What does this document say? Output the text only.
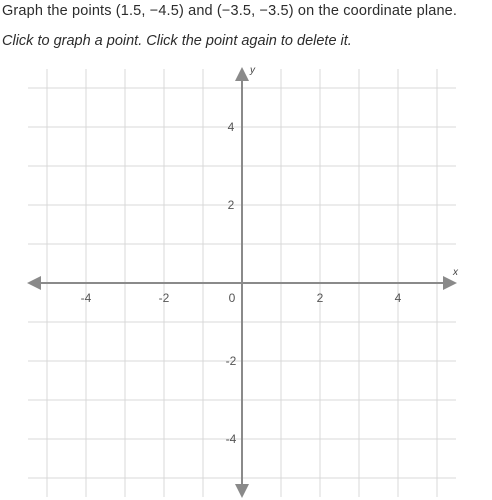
Graph the points (1.5, −4.5) and (−3.5, −3.5) on the coordinate plane.
Click to graph a point. Click the point again to delete it.
x
y
0
-4	-2	2	4
4
2
-2
-4
